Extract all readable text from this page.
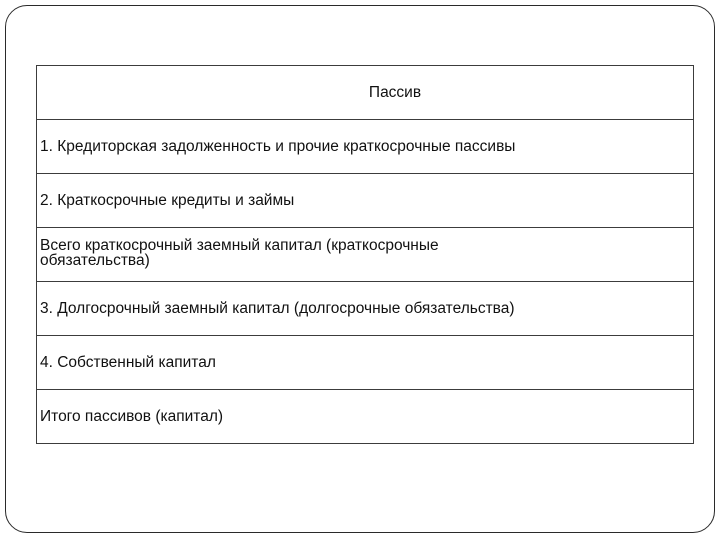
Пассив
1. Кредиторская задолженность и прочие краткосрочные пассивы
2. Краткосрочные кредиты и займы

Всего краткосрочный заемный капитал (краткосрочные обязательства)

3. Долгосрочный заемный капитал (долгосрочные обязательства)
4. Собственный капитал
Итого пассивов (капитал)
